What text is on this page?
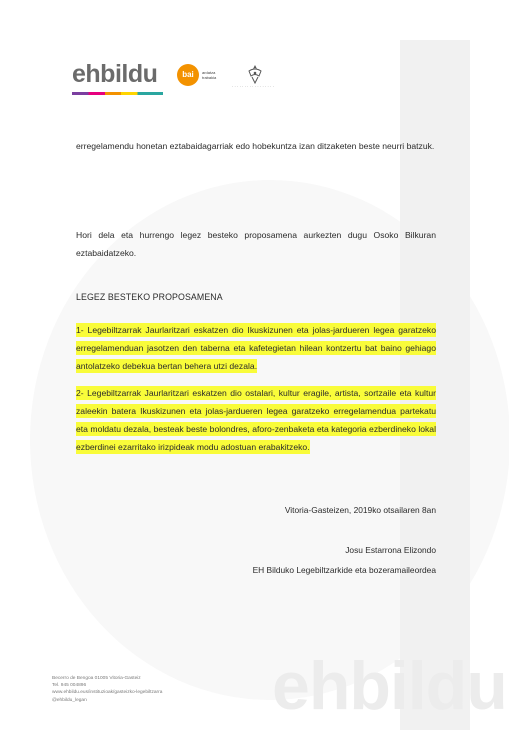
ehbildu
ehbildu	bai	ardatza trabakia
· · · · · · · · · · · · · · · · ·
erregelamendu honetan eztabaidagarriak edo hobekuntza izan ditzaketen beste neurri batzuk.
Hori dela eta hurrengo legez besteko proposamena aurkezten dugu Osoko Bilkuran eztabaidatzeko.
LEGEZ BESTEKO PROPOSAMENA
1- Legebiltzarrak Jaurlaritzari eskatzen dio Ikuskizunen eta jolas-jardueren legea garatzeko erregelamenduan jasotzen den taberna eta kafetegietan hilean kontzertu bat baino gehiago antolatzeko debekua bertan behera utzi dezala.
2- Legebiltzarrak Jaurlaritzari eskatzen dio ostalari, kultur eragile, artista, sortzaile eta kultur zaleekin batera Ikuskizunen eta jolas-jardueren legea garatzeko erregelamendua partekatu eta moldatu dezala, besteak beste bolondres, aforo-zenbaketa eta kategoria ezberdineko lokal ezberdinei ezarritako irizpideak modu adostuan erabakitzeko.
Vitoria-Gasteizen, 2019ko otsailaren 8an
Josu Estarrona Elizondo
EH Bilduko Legebiltzarkide eta bozeramaileordea
Becerro de Bengoa 01005 Vitoria-Gasteiz
Tel. 945 004896
www.ehbildu.eus/instituzioak/gasteizko-legebiltzarra
@ehbildu_legan
